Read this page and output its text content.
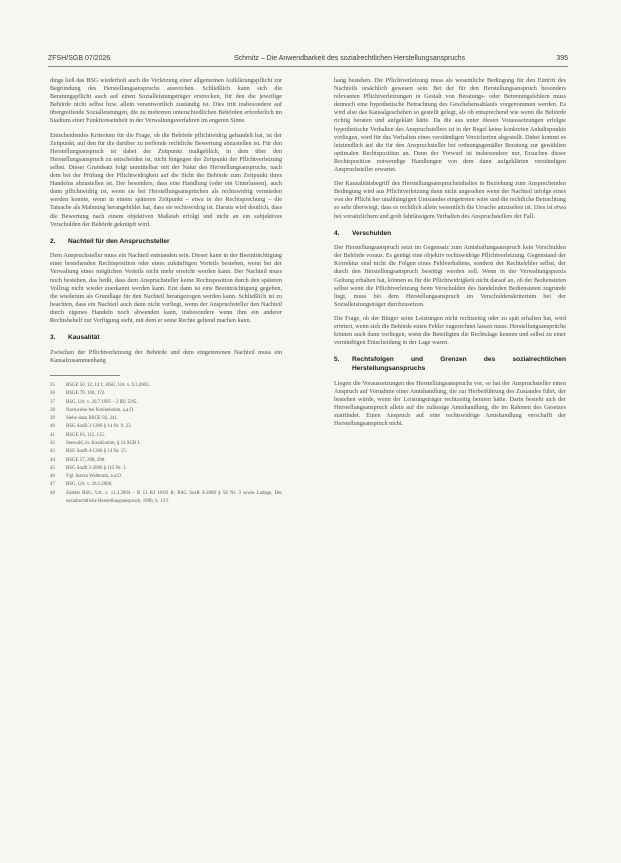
ZFSH/SGB 07/2026	Schmitz – Die Anwendbarkeit des sozialrechtlichen Herstellungsanspruchs	395

dings ließ das BSG wiederholt auch die Verletzung einer allgemeinen Aufklärungspflicht zur Begründung des Herstellungsanspruchs ausreichen. Schließlich kann sich die Beratungspflicht auch auf einen Sozialleistungsträger erstrecken, für den die jeweilige Behörde nicht selbst bzw. allein verantwortlich zuständig ist. Dies tritt insbesondere auf übergreifende Sozialleistungen, die zu mehreren unterschiedlichen Behörden erforderlich im Stadium einer Funktionseinheit in der Verwaltungsverfahren im engeren Sinne.

Entscheidendes Kriterium für die Frage, ob die Behörde pflichtwidrig gehandelt hat, ist der Zeitpunkt, auf den für die darüber zu treffende rechtliche Bewertung abzustellen ist. Für den Herstellungsanspruch ist dabei der Zeitpunkt maßgeblich, in dem über den Herstellungsanspruch zu entscheiden ist, nicht hingegen der Zeitpunkt der Pflichtverletzung selbst. Dieser Grundsatz folgt unmittelbar mit der Natur des Herstellungsanspruchs, nach dem bei der Prüfung der Pflichtwidrigkeit auf die Sicht der Behörde zum Zeitpunkt ihres Handelns abzustellen ist. Der besonders, dass eine Handlung (oder ein Unterlassen), auch dann pflichtwidrig ist, wenn sie bei Herstellungsansprüchen als rechtswidrig vermieden werden konnte, wenn in einem späteren Zeitpunkt – etwa in der Rechtsprechung – die Tatsache als Mahnung herangebildet hat, dass sie rechtswidrig ist. Daraus wird deutlich, dass die Bewertung nach einem objektiven Maßstab erfolgt und nicht an ein subjektives Verschulden der Behörde geknüpft wird.

2.	Nachteil für den Anspruchsteller

Dem Anspruchsteller muss ein Nachteil entstanden sein. Dieser kann in der Beeinträchtigung einer bestehenden Rechtsposition oder eines zukünftigen Vorteils bestehen, wenn bei der Verwaltung eines möglichen Vorteils nicht mehr erreicht werden kann. Der Nachteil muss noch bestehen, das heißt, dass dem Anspruchsteller keine Rechtsposition durch den späteren Vollzug nicht wieder zuerkannt werden kann. Erst dann ist eine Beeinträchtigung gegeben, die wiederum als Grundlage für den Nachteil herangezogen werden kann. Schließlich ist zu beachten, dass ein Nachteil auch dann nicht vorliegt, wenn der Anspruchsteller den Nachteil durch eigenes Handeln noch abwenden kann, insbesondere wenn ihm ein anderer Rechtsbehelf zur Verfügung steht, mit dem er seine Rechte geltend machen kann.

3.	Kausalität

Zwischen der Pflichtverletzung der Behörde und dem eingetretenen Nachteil muss ein Kausalzusammenhang

35	BSGE 50, 12, 14 f.; BSG, Urt. v. 6.3.2003.
36	BSGE 79, 168, 172.
37	BSG, Urt. v. 20.7.1995 – 2 RU 5/95.
38	Nachweise bei Kreikebohm, a.a.O.
39	Siehe dazu BSGE 92, 241.
40	BSG SozR 3-1200 § 14 Nr. 9, 23.
41	BSGE 63, 112, 115.
42	Seewald, in: KassKomm, § 14 SGB I.
43	BSG SozR 4-1200 § 14 Nr. 15.
44	BSGE 57, 288, 290.
45	BSG SozR 3-2600 § 115 Nr. 1.
46	Vgl. hierzu Wallerath, a.a.O.
47	BSG, Urt. v. 26.1.2000.
48	Zuletzt BSG, Urt. v. 11.3.2004 – B 13 RJ 16/03 R; BSG SozR 4-2600 § 58 Nr. 3 sowie Ladage, Der sozialrechtliche Herstellungsanspruch, 1990, S. 13 f.

hang bestehen. Die Pflichtverletzung muss als wesentliche Bedingung für den Eintritt des Nachteils ursächlich gewesen sein. Bei der für den Herstellungsanspruch besonders relevanten Pflichtverletzungen in Gestalt von Beratungs- oder Betreuungsfehlern muss dennoch eine hypothetische Betrachtung des Geschehensablaufs vorgenommen werden. Es wird also das Kausalgeschehen so gestellt gelegt, als ob entsprechend wie wenn die Behörde richtig beraten und aufgeklärt hätte. Da die aus unter diesen Voraussetzungen erfolgte hypothetische Verhalten des Anspruchstellers ist in der Regel keine konkreten Anhaltspunkte vorliegen, wird für das Verhalten eines verständigen Versicherten abgestellt. Dabei kommt es letztendlich auf die für den Anspruchsteller bei ordnungsgemäßer Beratung zur gewählten optimalen Rechtsposition an. Denn der Vorwurf ist insbesondere nur, Ersuchen dieser Rechtsposition notwendige Handlungen von dem dann aufgeklärten verständigen Anspruchsteller erwartet.

Der Kausalitätsbegriff des Herstellungsanspruchsinhaltes in Beziehung zum Ansprechenden Bedingung wird aus Pflichtverletzung dann nicht angesehen wenn der Nachteil infolge eines von der Pflicht her unabhängigen Umstandes eingetreten wäre und die rechtliche Betrachtung so sehr überwiegt, dass es rechtlich allein wesentlich die Ursache anzusehen ist. Dies ist etwa bei vorsätzlichem und grob fahrlässigem Verhalten des Anspruchstellers der Fall.

4.	Verschulden

Der Herstellungsanspruch setzt im Gegensatz zum Amtshaftungsanspruch kein Verschulden der Behörde voraus. Es genügt eine objektiv rechtswidrige Pflichtverletzung. Gegenstand der Korrektur sind nicht die Folgen eines Fehlverhaltens, sondern der Rechtsfehler selbst, der durch den Herstellungsanspruch beseitigt werden soll. Wenn in der Verwaltungspraxis Geltung erhalten hat, können es für die Pflichtwidrigkeit nicht darauf an, ob der Bediensteten selbst wenn die Pflichtverletzung beim Verschulden des handelnden Bediensteten zugrunde liegt, muss bei dem Herstellungsanspruch im Verschuldenskriterium bei der Sozialleistungsträger durchzusetzen.

Die Frage, ob der Bürger seine Leistungen nicht rechtzeitig oder zu spät erhalten hat, wird erörtert, wenn sich die Behörde einen Fehler zugerechnet lassen muss. Herstellungsansprüche können auch dann vorliegen, wenn die Beteiligten die Rechtslage kennen und selbst zu einer vernünftigen Entscheidung in der Lage waren.

5.	Rechtsfolgen und Grenzen des sozialrechtlichen Herstellungsanspruchs

Liegen die Voraussetzungen des Herstellungsanspruchs vor, so hat der Anspruchsteller einen Anspruch auf Vornahme einer Amtshandlung, die zur Herbeiführung des Zustandes führt, der bestehen würde, wenn der Leistungsträger rechtzeitig beraten hätte. Darin besteht sich der Herstellungsanspruch allein auf die zulässige Amtshandlung, die im Rahmen des Gesetzes stattfindet. Einen Anspruch auf eine rechtswidrige Amtshandlung verschafft der Herstellungsanspruch nicht.
